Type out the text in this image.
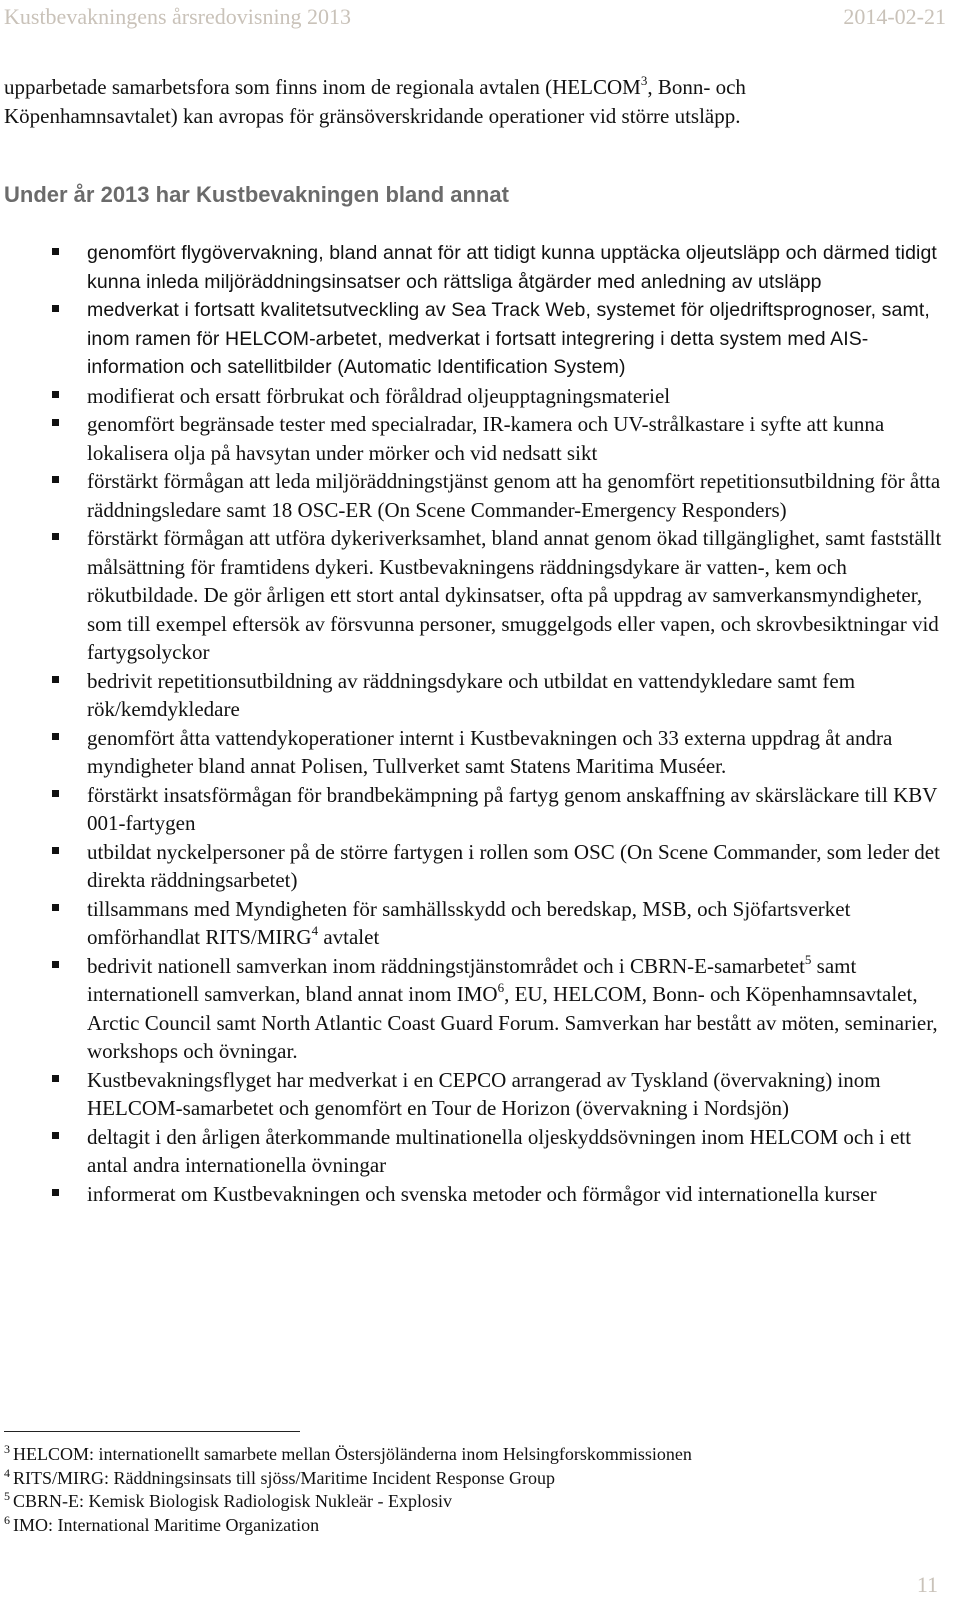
Kustbevakningens årsredovisning 2013	2014-02-21
upparbetade samarbetsfora som finns inom de regionala avtalen (HELCOM$^3$, Bonn- och
Köpenhamnsavtalet) kan avropas för gränsöverskridande operationer vid större utsläpp.
Under år 2013 har Kustbevakningen bland annat
genomfört flygövervakning, bland annat för att tidigt kunna upptäcka oljeutsläpp och därmed tidigt kunna inleda miljöräddningsinsatser och rättsliga åtgärder med anledning av utsläpp
medverkat i fortsatt kvalitetsutveckling av Sea Track Web, systemet för oljedriftsprognoser, samt, inom ramen för HELCOM-arbetet, medverkat i fortsatt integrering i detta system med AIS- information och satellitbilder (Automatic Identification System)
modifierat och ersatt förbrukat och föråldrad oljeupptagningsmateriel
genomfört begränsade tester med specialradar, IR-kamera och UV-strålkastare i syfte att kunna lokalisera olja på havsytan under mörker och vid nedsatt sikt
förstärkt förmågan att leda miljöräddningstjänst genom att ha genomfört repetitionsutbildning för åtta räddningsledare samt 18 OSC-ER (On Scene Commander-Emergency Responders)
förstärkt förmågan att utföra dykeriverksamhet, bland annat genom ökad tillgänglighet, samt fastställt målsättning för framtidens dykeri. Kustbevakningens räddningsdykare är vatten-, kem och rökutbildade. De gör årligen ett stort antal dykinsatser, ofta på uppdrag av samverkansmyndigheter, som till exempel eftersök av försvunna personer, smuggelgods eller vapen, och skrovbesiktningar vid fartygsolyckor
bedrivit repetitionsutbildning av räddningsdykare och utbildat en vattendykledare samt fem rök/kemdykledare
genomfört åtta vattendykoperationer internt i Kustbevakningen och 33 externa uppdrag åt andra myndigheter bland annat Polisen, Tullverket samt Statens Maritima Muséer.
förstärkt insatsförmågan för brandbekämpning på fartyg genom anskaffning av skärsläckare till KBV 001-fartygen
utbildat nyckelpersoner på de större fartygen i rollen som OSC (On Scene Commander, som leder det direkta räddningsarbetet)
tillsammans med Myndigheten för samhällsskydd och beredskap, MSB, och Sjöfartsverket omförhandlat RITS/MIRG$^4$ avtalet
bedrivit nationell samverkan inom räddningstjänstområdet och i CBRN-E-samarbetet$^5$ samt internationell samverkan, bland annat inom IMO$^6$, EU, HELCOM, Bonn- och Köpenhamnsavtalet, Arctic Council samt North Atlantic Coast Guard Forum. Samverkan har bestått av möten, seminarier, workshops och övningar.
Kustbevakningsflyget har medverkat i en CEPCO arrangerad av Tyskland (övervakning) inom HELCOM-samarbetet och genomfört en Tour de Horizon (övervakning i Nordsjön)
deltagit i den årligen återkommande multinationella oljeskyddsövningen inom HELCOM och i ett antal andra internationella övningar
informerat om Kustbevakningen och svenska metoder och förmågor vid internationella kurser
$^3$ HELCOM: internationellt samarbete mellan Östersjöländerna inom Helsingforskommissionen
$^4$ RITS/MIRG: Räddningsinsats till sjöss/Maritime Incident Response Group
$^5$ CBRN-E: Kemisk Biologisk Radiologisk Nukleär - Explosiv
$^6$ IMO: International Maritime Organization
11
